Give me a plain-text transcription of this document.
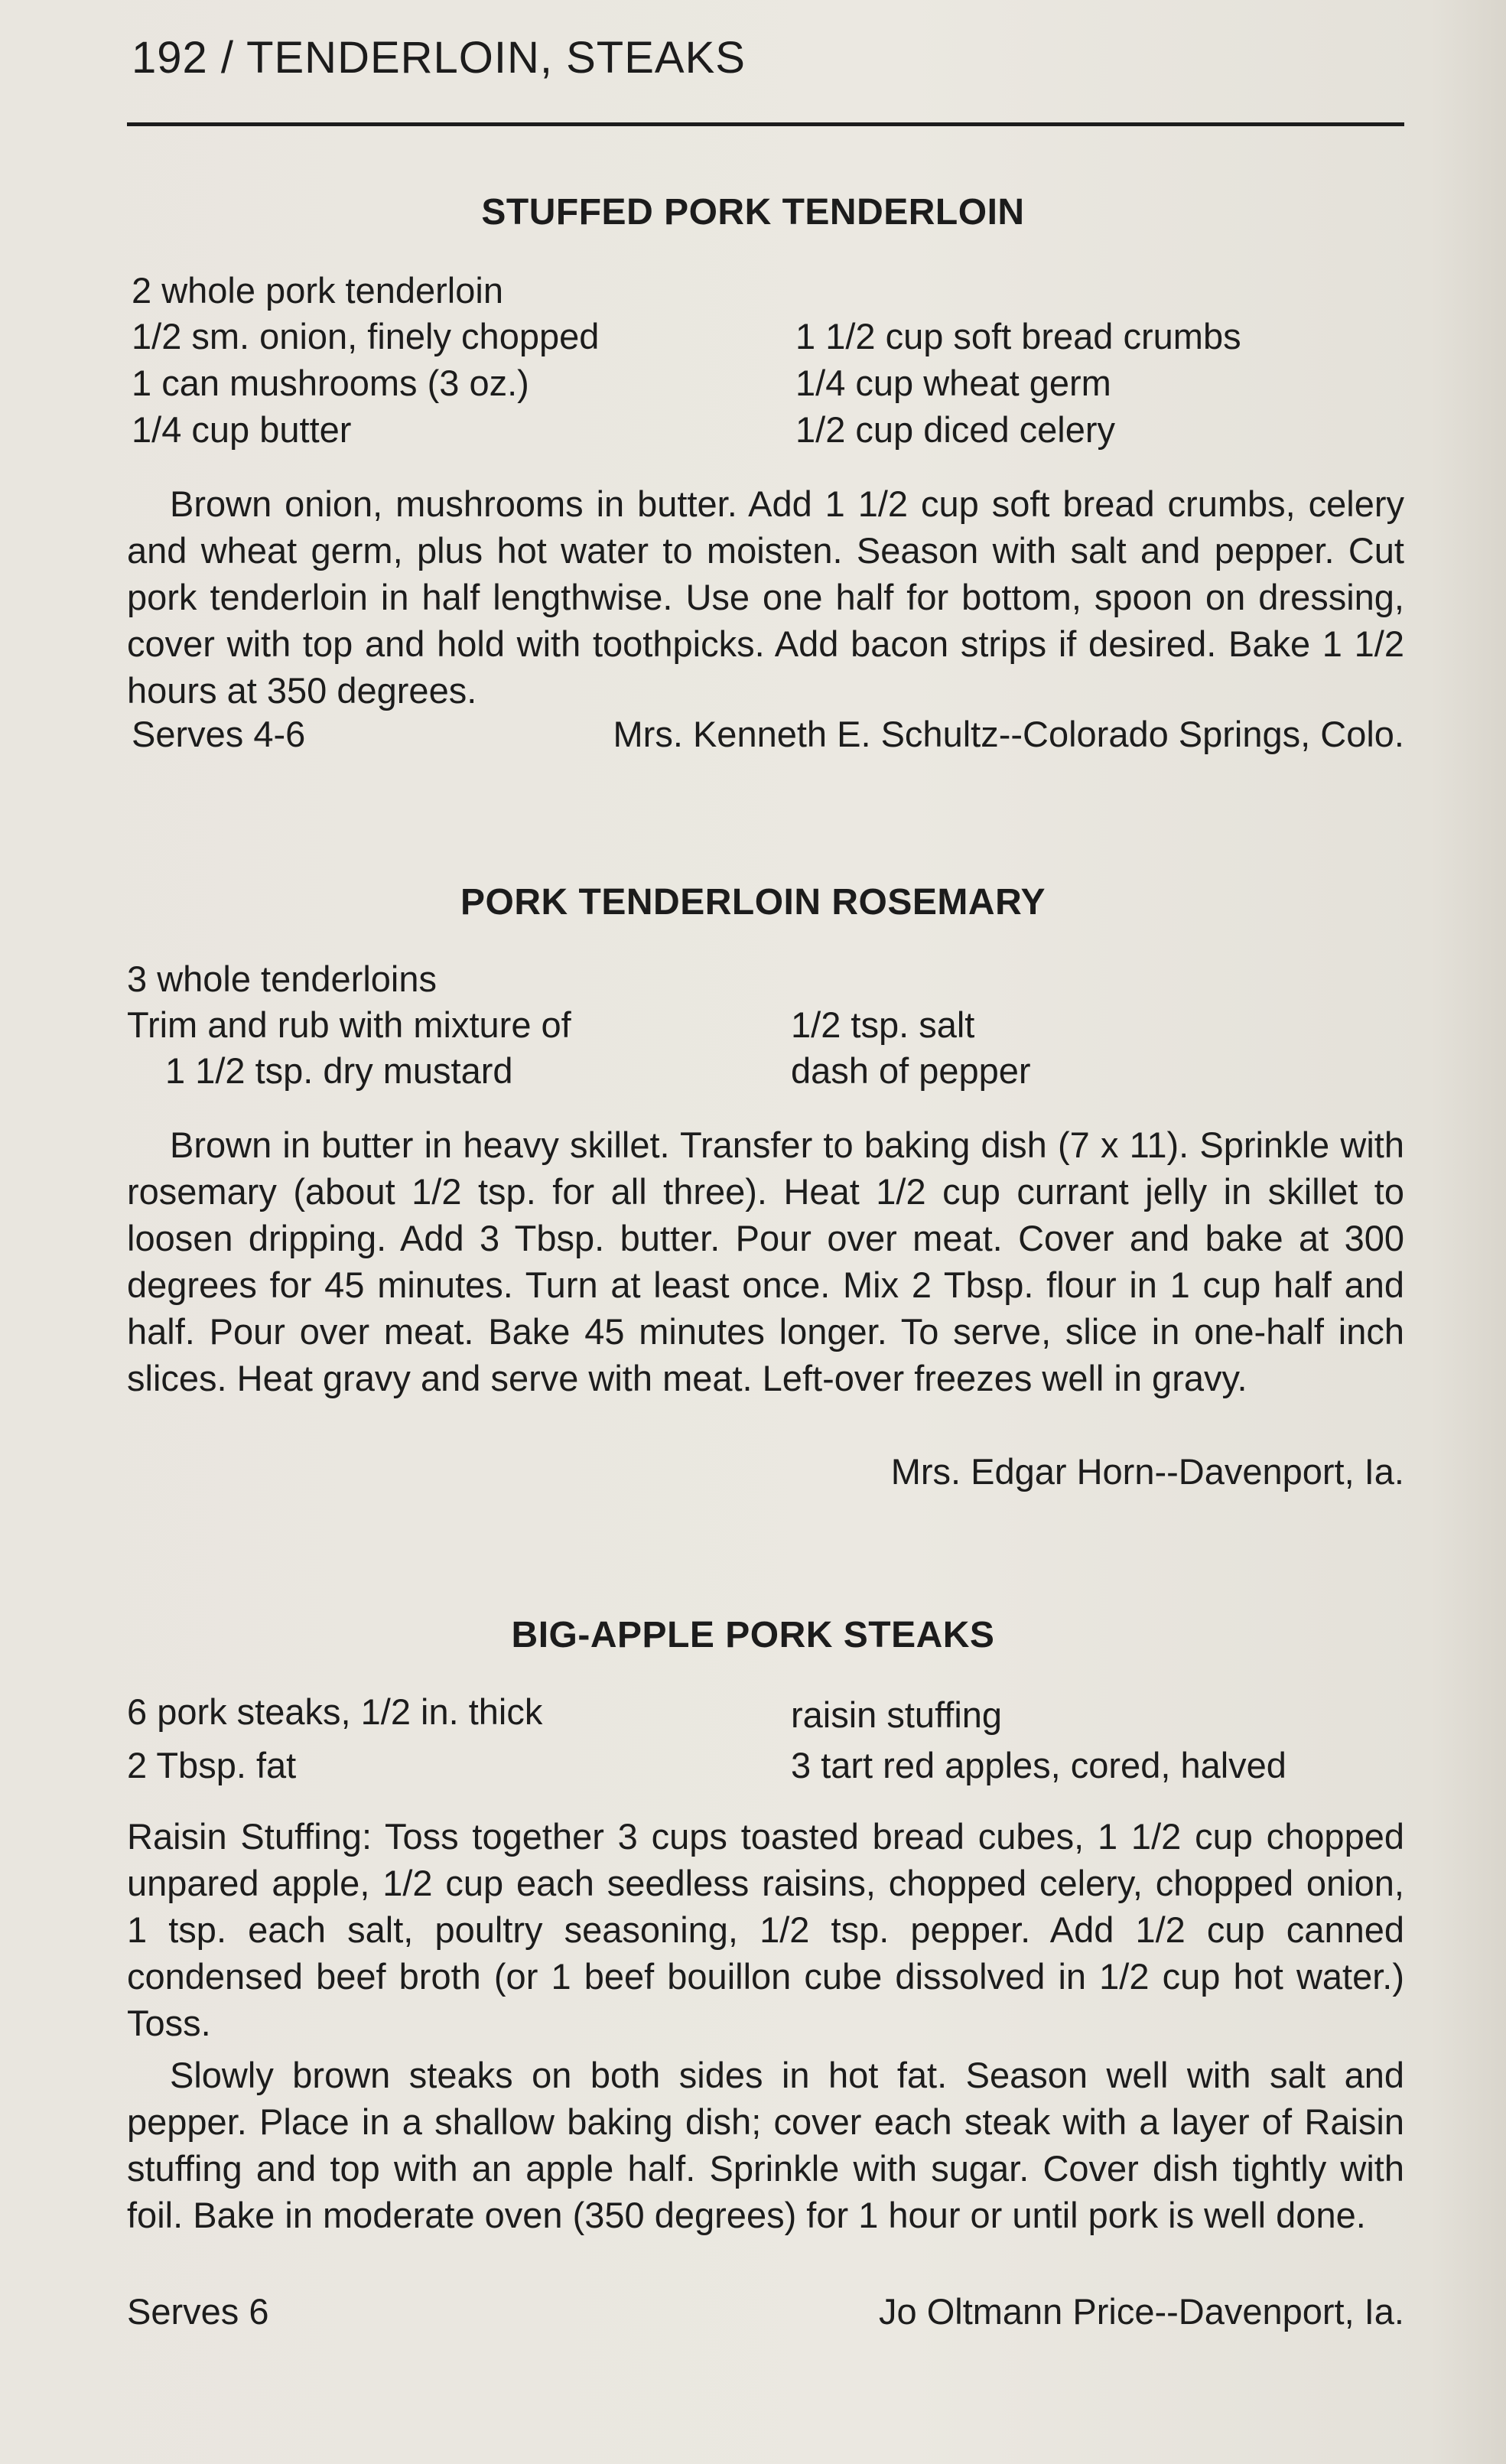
192 / TENDERLOIN, STEAKS
STUFFED PORK TENDERLOIN
2 whole pork tenderloin
1/2 sm. onion, finely chopped
1 can mushrooms (3 oz.)
1/4 cup butter
1 1/2 cup soft bread crumbs
1/4 cup wheat germ
1/2 cup diced celery
Brown onion, mushrooms in butter. Add 1 1/2 cup soft bread crumbs, celery and wheat germ, plus hot water to moisten. Season with salt and pepper. Cut pork tenderloin in half lengthwise. Use one half for bottom, spoon on dressing, cover with top and hold with toothpicks. Add bacon strips if desired. Bake 1 1/2 hours at 350 degrees.
Serves 4-6	Mrs. Kenneth E. Schultz--Colorado Springs, Colo.
PORK TENDERLOIN ROSEMARY
3 whole tenderloins
Trim and rub with mixture of
1 1/2 tsp. dry mustard
1/2 tsp. salt
dash of pepper
Brown in butter in heavy skillet. Transfer to baking dish (7 x 11). Sprinkle with rosemary (about 1/2 tsp. for all three). Heat 1/2 cup currant jelly in skillet to loosen dripping. Add 3 Tbsp. butter. Pour over meat. Cover and bake at 300 degrees for 45 minutes. Turn at least once. Mix 2 Tbsp. flour in 1 cup half and half. Pour over meat. Bake 45 minutes longer. To serve, slice in one-half inch slices. Heat gravy and serve with meat. Left-over freezes well in gravy.
Mrs. Edgar Horn--Davenport, Ia.
BIG-APPLE PORK STEAKS
6 pork steaks, 1/2 in. thick
2 Tbsp. fat
raisin stuffing
3 tart red apples, cored, halved
Raisin Stuffing: Toss together 3 cups toasted bread cubes, 1 1/2 cup chopped unpared apple, 1/2 cup each seedless raisins, chopped celery, chopped onion, 1 tsp. each salt, poultry seasoning, 1/2 tsp. pepper. Add 1/2 cup canned condensed beef broth (or 1 beef bouillon cube dissolved in 1/2 cup hot water.) Toss.
Slowly brown steaks on both sides in hot fat. Season well with salt and pepper. Place in a shallow baking dish; cover each steak with a layer of Raisin stuffing and top with an apple half. Sprinkle with sugar. Cover dish tightly with foil. Bake in moderate oven (350 degrees) for 1 hour or until pork is well done.
Serves 6	Jo Oltmann Price--Davenport, Ia.
